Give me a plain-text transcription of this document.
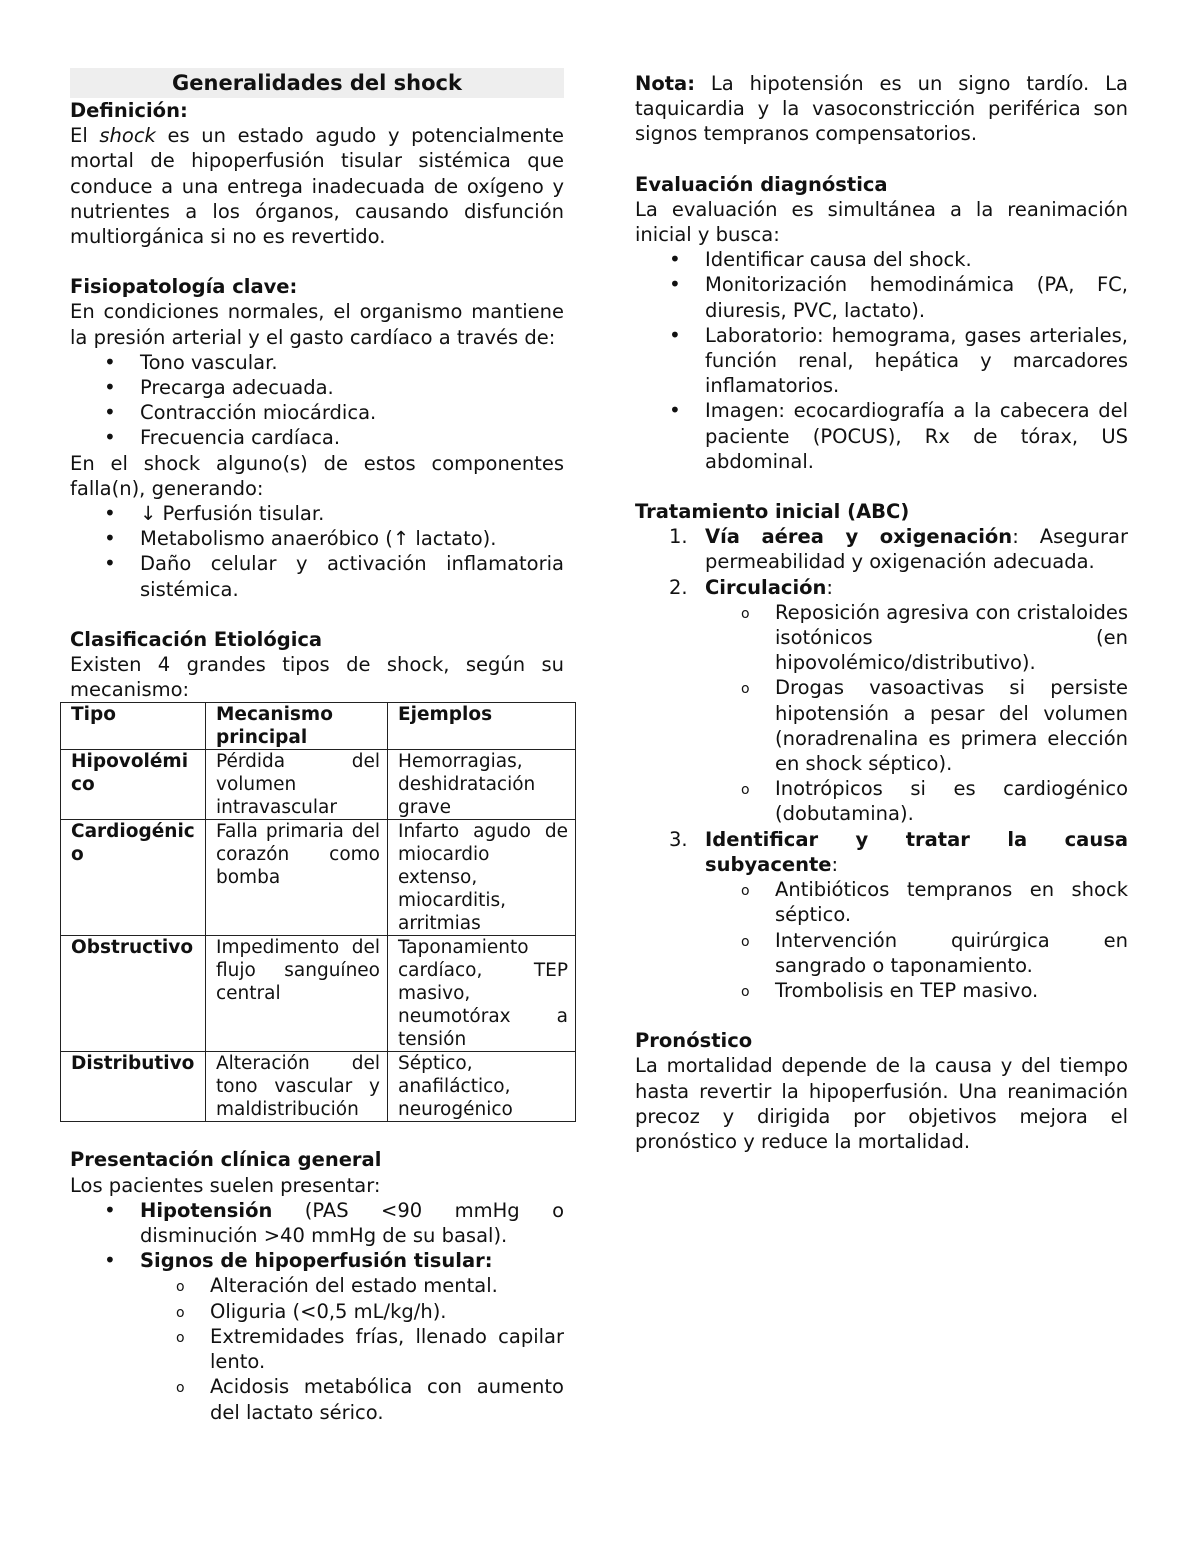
Generalidades del shock

Definición:

El shock es un estado agudo y potencialmente mortal de hipoperfusión tisular sistémica que conduce a una entrega inadecuada de oxígeno y nutrientes a los órganos, causando disfunción multiorgánica si no es revertido.

Fisiopatología clave:

En condiciones normales, el organismo mantiene la presión arterial y el gasto cardíaco a través de:

• Tono vascular.
• Precarga adecuada.
• Contracción miocárdica.
• Frecuencia cardíaca.

En el shock alguno(s) de estos componentes falla(n), generando:

• ↓ Perfusión tisular.
• Metabolismo anaeróbico (↑ lactato).
• Daño celular y activación inflamatoria sistémica.

Clasificación Etiológica

Existen 4 grandes tipos de shock, según su mecanismo:

Tipo	Mecanismo principal	Ejemplos
Hipovolémico	Pérdida del volumen intravascular	Hemorragias, deshidratación grave
Cardiogénico	Falla primaria del corazón como bomba	Infarto agudo de miocardio extenso, miocarditis, arritmias
Obstructivo	Impedimento del flujo sanguíneo central	Taponamiento cardíaco, TEP masivo, neumotórax a tensión
Distributivo	Alteración del tono vascular y maldistribución	Séptico, anafiláctico, neurogénico

Presentación clínica general

Los pacientes suelen presentar:

• Hipotensión (PAS <90 mmHg o disminución >40 mmHg de su basal).
• Signos de hipoperfusión tisular:
o Alteración del estado mental.
o Oliguria (<0,5 mL/kg/h).
o Extremidades frías, llenado capilar lento.
o Acidosis metabólica con aumento del lactato sérico.

Nota: La hipotensión es un signo tardío. La taquicardia y la vasoconstricción periférica son signos tempranos compensatorios.

Evaluación diagnóstica

La evaluación es simultánea a la reanimación inicial y busca:

• Identificar causa del shock.
• Monitorización hemodinámica (PA, FC, diuresis, PVC, lactato).
• Laboratorio: hemograma, gases arteriales, función renal, hepática y marcadores inflamatorios.
• Imagen: ecocardiografía a la cabecera del paciente (POCUS), Rx de tórax, US abdominal.

Tratamiento inicial (ABC)

1. Vía aérea y oxigenación: Asegurar permeabilidad y oxigenación adecuada.
2. Circulación:
o Reposición agresiva con cristaloides isotónicos (en hipovolémico/distributivo).
o Drogas vasoactivas si persiste hipotensión a pesar del volumen (noradrenalina es primera elección en shock séptico).
o Inotrópicos si es cardiogénico (dobutamina).
3. Identificar y tratar la causa subyacente:
o Antibióticos tempranos en shock séptico.
o Intervención quirúrgica en sangrado o taponamiento.
o Trombolisis en TEP masivo.

Pronóstico

La mortalidad depende de la causa y del tiempo hasta revertir la hipoperfusión. Una reanimación precoz y dirigida por objetivos mejora el pronóstico y reduce la mortalidad.
